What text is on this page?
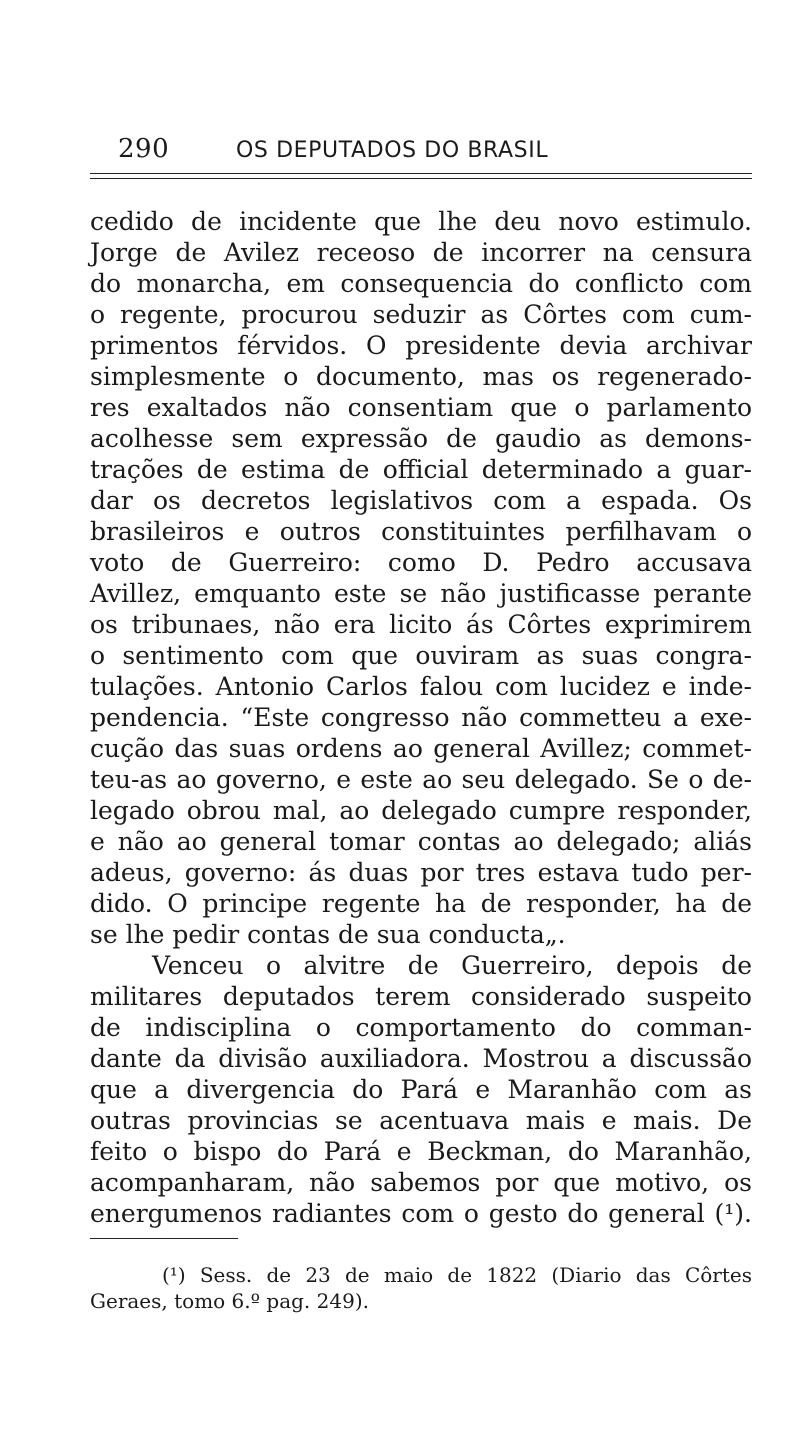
290	OS DEPUTADOS DO BRASIL
cedido de incidente que lhe deu novo estimulo.
Jorge de Avilez receoso de incorrer na censura
do monarcha, em consequencia do conflicto com
o regente, procurou seduzir as Côrtes com cum-
primentos férvidos. O presidente devia archivar
simplesmente o documento, mas os regenerado-
res exaltados não consentiam que o parlamento
acolhesse sem expressão de gaudio as demons-
trações de estima de official determinado a guar-
dar os decretos legislativos com a espada. Os
brasileiros e outros constituintes perfilhavam o
voto de Guerreiro: como D. Pedro accusava
Avillez, emquanto este se não justificasse perante
os tribunaes, não era licito ás Côrtes exprimirem
o sentimento com que ouviram as suas congra-
tulações. Antonio Carlos falou com lucidez e inde-
pendencia. “Este congresso não commetteu a exe-
cução das suas ordens ao general Avillez; commet-
teu-as ao governo, e este ao seu delegado. Se o de-
legado obrou mal, ao delegado cumpre responder,
e não ao general tomar contas ao delegado; aliás
adeus, governo: ás duas por tres estava tudo per-
dido. O principe regente ha de responder, ha de
se lhe pedir contas de sua conducta„.
Venceu o alvitre de Guerreiro, depois de
militares deputados terem considerado suspeito
de indisciplina o comportamento do comman-
dante da divisão auxiliadora. Mostrou a discussão
que a divergencia do Pará e Maranhão com as
outras provincias se acentuava mais e mais. De
feito o bispo do Pará e Beckman, do Maranhão,
acompanharam, não sabemos por que motivo, os
energumenos radiantes com o gesto do general (¹).
(¹) Sess. de 23 de maio de 1822 (Diario das Côrtes
Geraes, tomo 6.º pag. 249).
